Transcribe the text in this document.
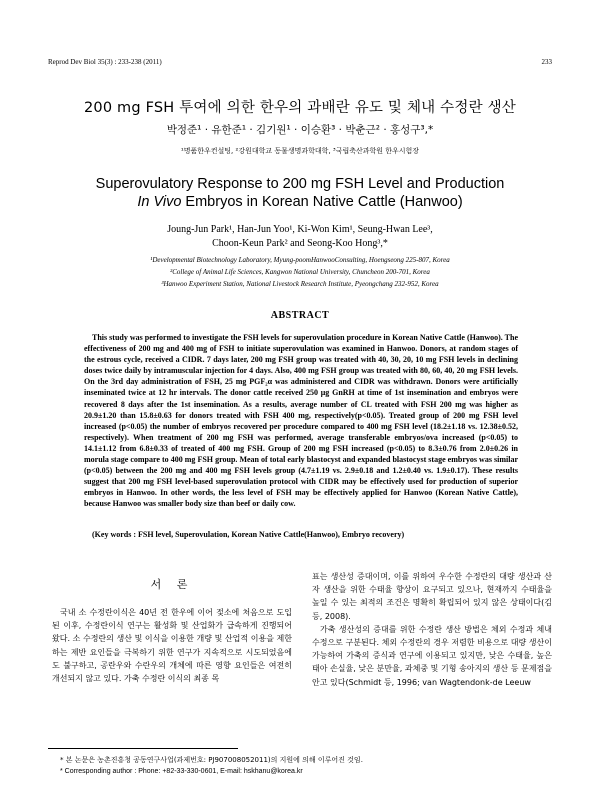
Reprod Dev Biol 35(3) : 233-238 (2011)	233
200 mg FSH 투여에 의한 한우의 과배란 유도 및 체내 수정란 생산
박정준¹ · 유한준¹ · 김기원¹ · 이승환³ · 박춘근² · 홍성구³,*
¹명품한우컨설팅, ²강원대학교 동물생명과학대학, ³국립축산과학원 한우시험장
Superovulatory Response to 200 mg FSH Level and Production
In Vivo Embryos in Korean Native Cattle (Hanwoo)
Joung-Jun Park¹, Han-Jun Yoo¹, Ki-Won Kim¹, Seung-Hwan Lee³,
Choon-Keun Park² and Seong-Koo Hong³,*
¹Developmental Biotechnology Laboratory, Myung-poomHanwooConsulting, Hoengseong 225-807, Korea
²College of Animal Life Sciences, Kangwon National University, Chuncheon 200-701, Korea
³Hanwoo Experiment Station, National Livestock Research Institute, Pyeongchang 232-952, Korea
ABSTRACT

This study was performed to investigate the FSH levels for superovulation procedure in Korean Native Cattle (Hanwoo). The effectiveness of 200 mg and 400 mg of FSH to initiate superovulation was examined in Hanwoo. Donors, at random stages of the estrous cycle, received a CIDR. 7 days later, 200 mg FSH group was treated with 40, 30, 20, 10 mg FSH levels in declining doses twice daily by intramuscular injection for 4 days. Also, 400 mg FSH group was treated with 80, 60, 40, 20 mg FSH levels. On the 3rd day administration of FSH, 25 mg PGF₂α was administered and CIDR was withdrawn. Donors were artificially inseminated twice at 12 hr intervals. The donor cattle received 250 μg GnRH at time of 1st insemination and embryos were recovered 8 days after the 1st insemination. As a results, average number of CL treated with FSH 200 mg was higher as 20.9±1.20 than 15.8±0.63 for donors treated with FSH 400 mg, respectively(p<0.05). Treated group of 200 mg FSH level increased (p<0.05) the number of embryos recovered per procedure compared to 400 mg FSH level (18.2±1.18 vs. 12.38±0.52, respectively). When treatment of 200 mg FSH was performed, average transferable embryos/ova increased (p<0.05) to 14.1±1.12 from 6.8±0.33 of treated of 400 mg FSH. Group of 200 mg FSH increased (p<0.05) to 8.3±0.76 from 2.0±0.26 in morula stage compare to 400 mg FSH group. Mean of total early blastocyst and expanded blastocyst stage embryos was similar (p<0.05) between the 200 mg and 400 mg FSH levels group (4.7±1.19 vs. 2.9±0.18 and 1.2±0.40 vs. 1.9±0.17). These results suggest that 200 mg FSH level-based superovulation protocol with CIDR may be effectively used for production of superior embryos in Hanwoo. In other words, the less level of FSH may be effectively applied for Hanwoo (Korean Native Cattle), because Hanwoo was smaller body size than beef or daily cow.

(Key words : FSH level, Superovulation, Korean Native Cattle(Hanwoo), Embryo recovery)
서 론

국내 소 수정란이식은 40년 전 한우에 이어 젖소에 처음으로 도입된 이후, 수정란이식 연구는 활성화 및 산업화가 급속하게 진행되어 왔다. 소 수정란의 생산 및 이식을 이용한 개량 및 산업적 이용을 제한하는 제반 요인들을 극복하기 위한 연구가 지속적으로 시도되었음에도 불구하고, 공란우와 수란우의 개체에 따른 영향 요인들은 여전히 개선되지 않고 있다. 가축 수정란 이식의 최종 목

표는 생산성 증대이며, 이를 위하여 우수한 수정란의 대량 생산과 산자 생산을 위한 수태율 향상이 요구되고 있으나, 현재까지 수태율을 높일 수 있는 최적의 조건은 명확히 확립되어 있지 않은 상태이다(김 등, 2008).

가축 생산성의 증대를 위한 수정란 생산 방법은 체외 수정과 체내 수정으로 구분된다. 체외 수정란의 경우 저렴한 비용으로 대량 생산이 가능하여 가축의 증식과 연구에 이용되고 있지만, 낮은 수태율, 높은 태아 손실율, 낮은 분만율, 과체중 및 기형 송아지의 생산 등 문제점을 안고 있다(Schmidt 등, 1996; van Wagtendonk-de Leeuw

* 본 논문은 농촌진흥청 공동연구사업(과제번호: PJ907008052011)의 지원에 의해 이루어진 것임.
* Corresponding author : Phone: +82-33-330-0601, E-mail: hskhanu@korea.kr
